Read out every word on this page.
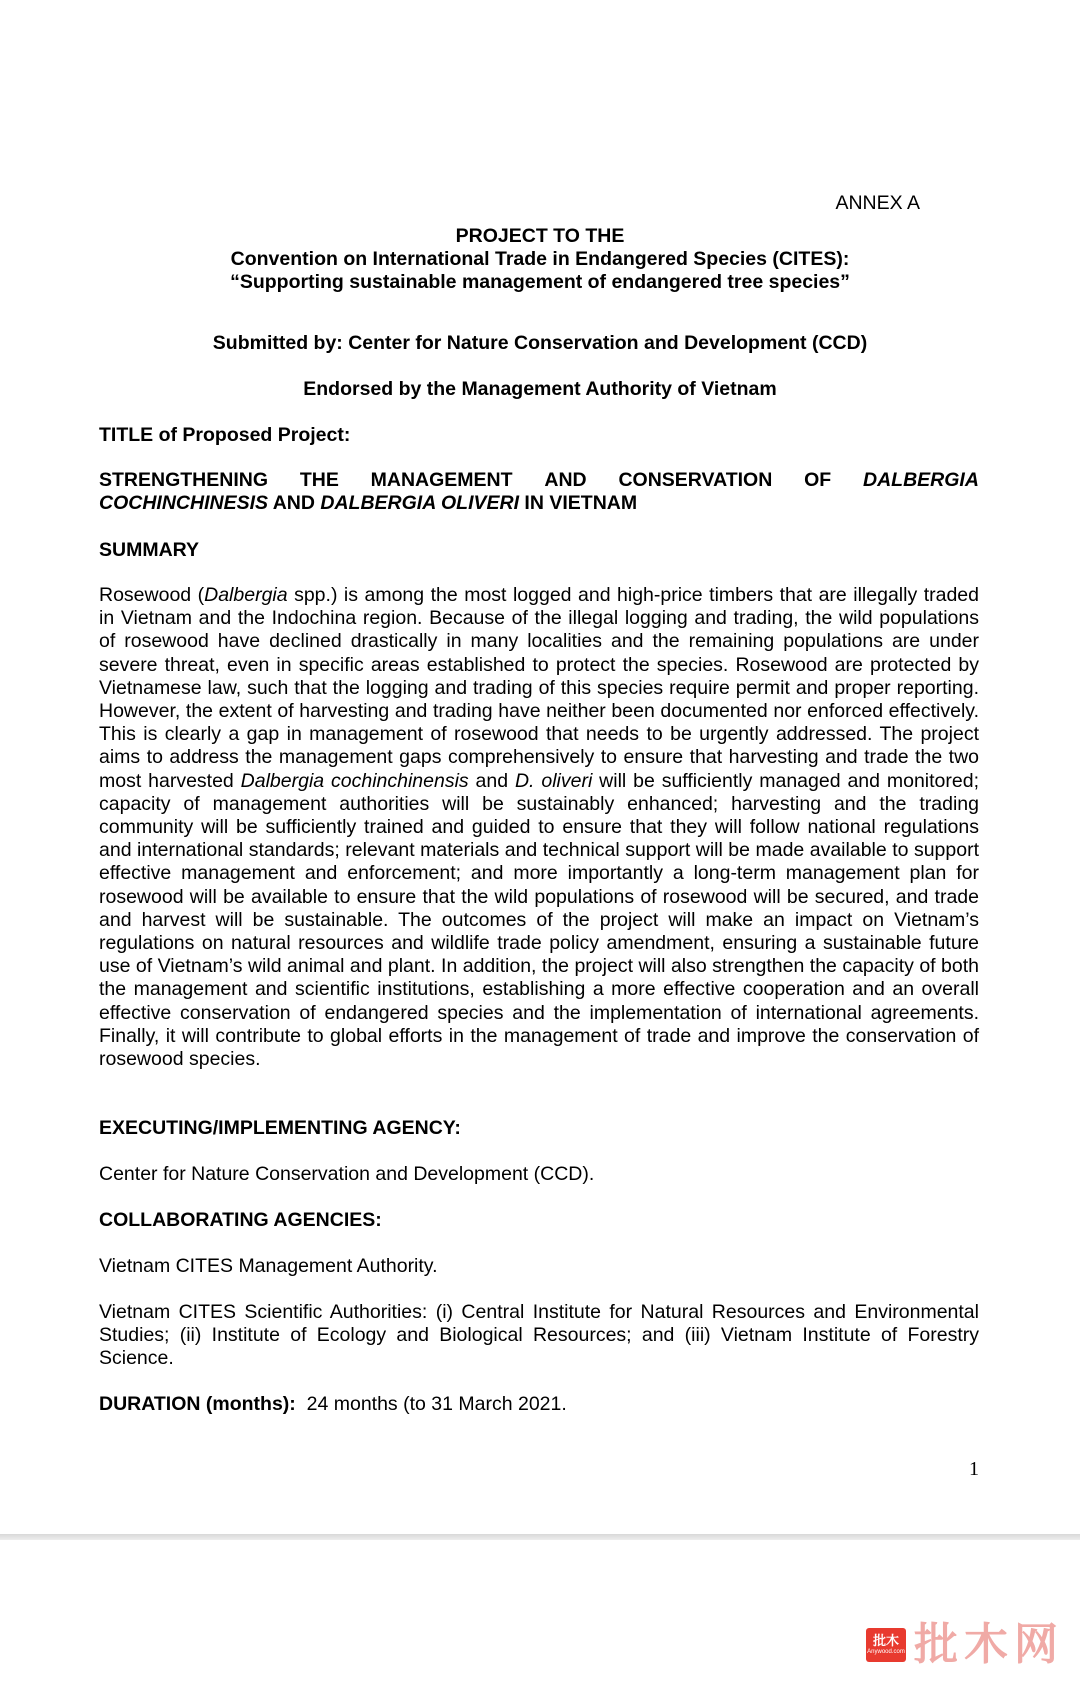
ANNEX A
PROJECT TO THE
Convention on International Trade in Endangered Species (CITES):
“Supporting sustainable management of endangered tree species”
Submitted by: Center for Nature Conservation and Development (CCD)
Endorsed by the Management Authority of Vietnam
TITLE of Proposed Project:
STRENGTHENING THE MANAGEMENT AND CONSERVATION OF DALBERGIA
COCHINCHINESIS AND DALBERGIA OLIVERI IN VIETNAM
SUMMARY
Rosewood (Dalbergia spp.) is among the most logged and high-price timbers that are illegally traded in Vietnam and the Indochina region. Because of the illegal logging and trading, the wild populations of rosewood have declined drastically in many localities and the remaining populations are under severe threat, even in specific areas established to protect the species. Rosewood are protected by Vietnamese law, such that the logging and trading of this species require permit and proper reporting. However, the extent of harvesting and trading have neither been documented nor enforced effectively. This is clearly a gap in management of rosewood that needs to be urgently addressed. The project aims to address the management gaps comprehensively to ensure that harvesting and trade the two most harvested Dalbergia cochinchinensis and D. oliveri will be sufficiently managed and monitored; capacity of management authorities will be sustainably enhanced; harvesting and the trading community will be sufficiently trained and guided to ensure that they will follow national regulations and international standards; relevant materials and technical support will be made available to support effective management and enforcement; and more importantly a long-term management plan for rosewood will be available to ensure that the wild populations of rosewood will be secured, and trade and harvest will be sustainable. The outcomes of the project will make an impact on Vietnam’s regulations on natural resources and wildlife trade policy amendment, ensuring a sustainable future use of Vietnam’s wild animal and plant. In addition, the project will also strengthen the capacity of both the management and scientific institutions, establishing a more effective cooperation and an overall effective conservation of endangered species and the implementation of international agreements. Finally, it will contribute to global efforts in the management of trade and improve the conservation of rosewood species.
EXECUTING/IMPLEMENTING AGENCY:
Center for Nature Conservation and Development (CCD).
COLLABORATING AGENCIES:
Vietnam CITES Management Authority.
Vietnam CITES Scientific Authorities: (i) Central Institute for Natural Resources and Environmental Studies; (ii) Institute of Ecology and Biological Resources; and (iii) Vietnam Institute of Forestry Science.
DURATION (months): 24 months (to 31 March 2021.
1
批木
Anywood.com 批木网
